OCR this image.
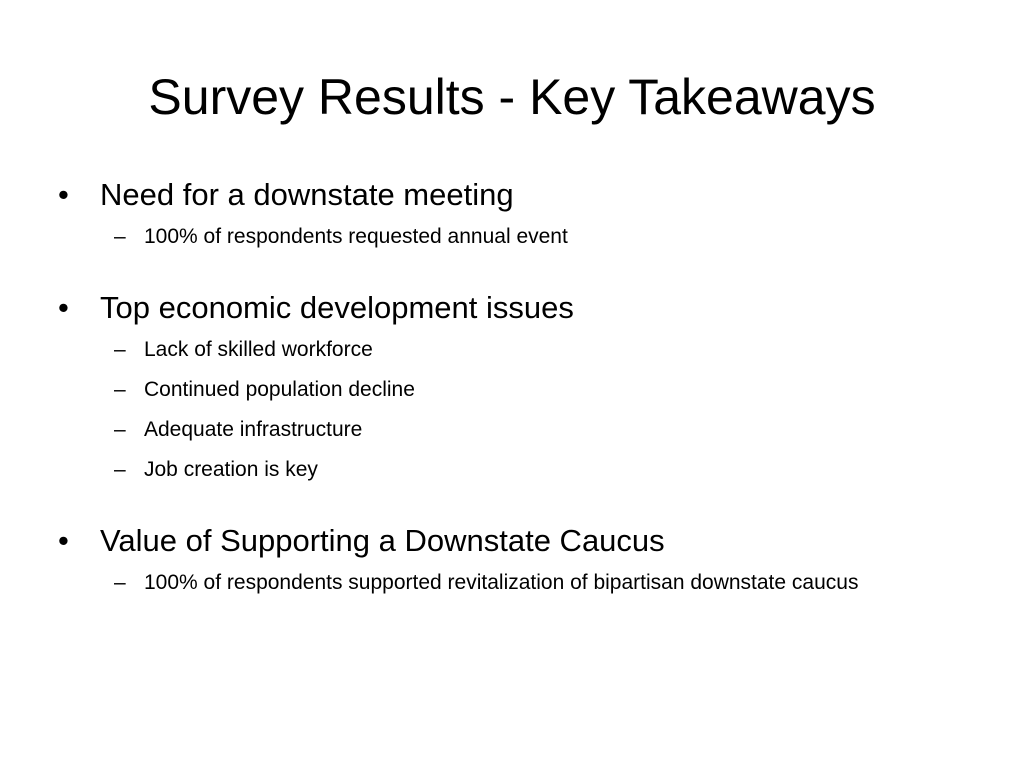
Survey Results - Key Takeaways
• Need for a downstate meeting
– 100% of respondents requested annual event
• Top economic development issues
– Lack of skilled workforce
– Continued population decline
– Adequate infrastructure
– Job creation is key
• Value of Supporting a Downstate Caucus
– 100% of respondents supported revitalization of bipartisan downstate caucus
